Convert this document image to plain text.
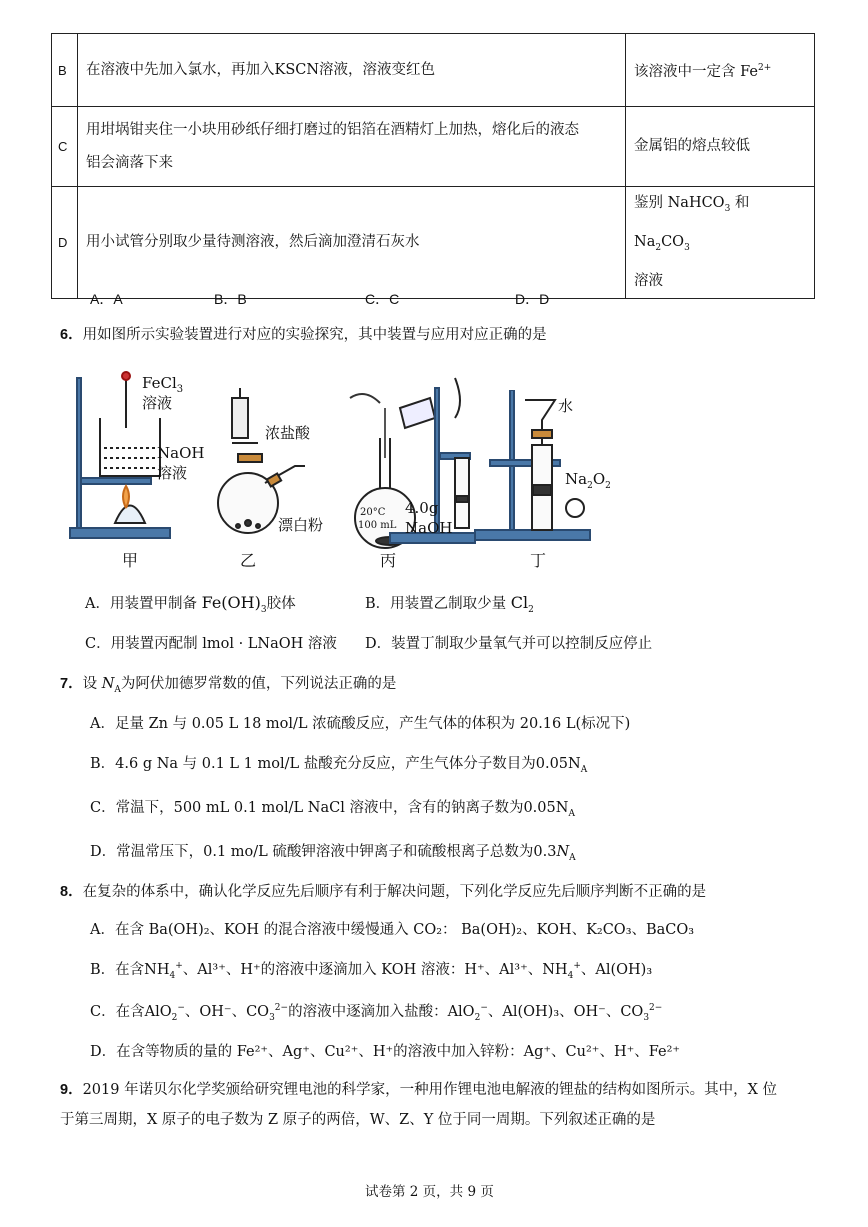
B	在溶液中先加入氯水，再加入KSCN溶液，溶液变红色	该溶液中一定含 $Fe^{2+}$
C	用坩埚钳夹住一小块用砂纸仔细打磨过的铝箔在酒精灯上加热，熔化后的液态
铝会滴落下来	金属铝的熔点较低
D	用小试管分别取少量待测溶液，然后滴加澄清石灰水	鉴别 NaHCO$_3$ 和 $Na_2CO_3$
溶液
A．A	B．B	C．C	D．D
6．用如图所示实验装置进行对应的实验探究，其中装置与应用对应正确的是
FeCl$_3$
溶液
NaOH
溶液
浓盐酸
漂白粉
20°C
100 mL
4.0g
NaOH
水
$Na_2O_2$
甲	乙	丙	丁
A．用装置甲制备 $Fe(OH)_3$胶体	B．用装置乙制取少量 $Cl_2$
C．用装置丙配制 lmol · LNaOH 溶液 D．装置丁制取少量氧气并可以控制反应停止
7．设 $N_A$为阿伏加德罗常数的值，下列说法正确的是
A．足量 Zn 与 0.05 L 18 mol/L 浓硫酸反应，产生气体的体积为 20.16 L(标况下)
B．4.6 g Na 与 0.1 L 1 mol/L 盐酸充分反应，产生气体分子数目为$0.05N_A$
C．常温下，500 mL 0.1 mol/L NaCl 溶液中，含有的钠离子数为$0.05N_A$
D．常温常压下，0.1 mo/L 硫酸钾溶液中钾离子和硫酸根离子总数为$0.3N_A$
8．在复杂的体系中，确认化学反应先后顺序有利于解决问题，下列化学反应先后顺序判断不正确的是
A．在含 Ba(OH)₂、KOH 的混合溶液中缓慢通入 CO₂： Ba(OH)₂、KOH、K₂CO₃、BaCO₃
B．在含$NH_4^+$、Al³⁺、H⁺的溶液中逐滴加入 KOH 溶液：H⁺、Al³⁺、$NH_4^+$、Al(OH)₃
C．在含AlO$_2$−、OH⁻、$CO_3^{2-}$的溶液中逐滴加入盐酸：AlO$_2$−、Al(OH)₃、OH⁻、$CO_3^{2-}$
D．在含等物质的量的 Fe²⁺、Ag⁺、Cu²⁺、H⁺的溶液中加入锌粉：Ag⁺、Cu²⁺、H⁺、Fe²⁺
9．2019 年诺贝尔化学奖颁给研究锂电池的科学家，一种用作锂电池电解液的锂盐的结构如图所示。其中，X 位
于第三周期，X 原子的电子数为 Z 原子的两倍，W、Z、Y 位于同一周期。下列叙述正确的是
试卷第 2 页，共 9 页
